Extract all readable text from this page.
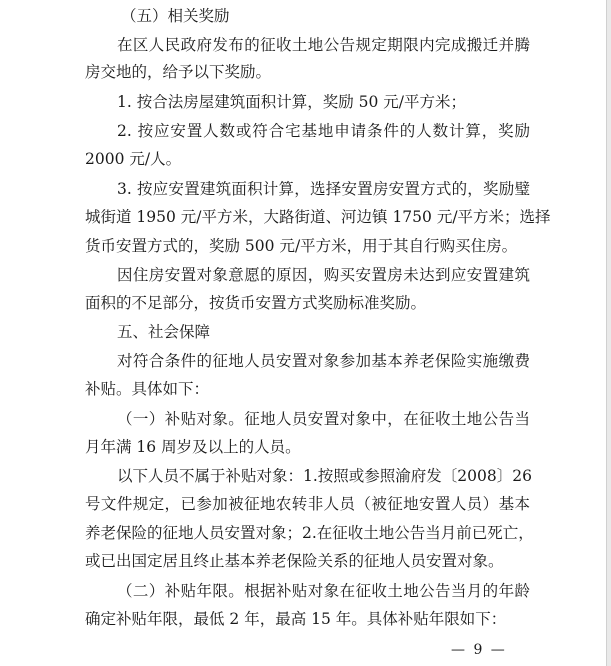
（五）相关奖励
在区人民政府发布的征收土地公告规定期限内完成搬迁并腾
房交地的，给予以下奖励。
1. 按合法房屋建筑面积计算，奖励 50 元/平方米；
2. 按应安置人数或符合宅基地申请条件的人数计算，奖励
2000 元/人。
3. 按应安置建筑面积计算，选择安置房安置方式的，奖励璧
城街道 1950 元/平方米，大路街道、河边镇 1750 元/平方米；选择
货币安置方式的，奖励 500 元/平方米，用于其自行购买住房。
因住房安置对象意愿的原因，购买安置房未达到应安置建筑
面积的不足部分，按货币安置方式奖励标准奖励。
五、社会保障
对符合条件的征地人员安置对象参加基本养老保险实施缴费
补贴。具体如下：
（一）补贴对象。征地人员安置对象中，在征收土地公告当
月年满 16 周岁及以上的人员。
以下人员不属于补贴对象：1.按照或参照渝府发〔2008〕26
号文件规定，已参加被征地农转非人员（被征地安置人员）基本
养老保险的征地人员安置对象；2.在征收土地公告当月前已死亡，
或已出国定居且终止基本养老保险关系的征地人员安置对象。
（二）补贴年限。根据补贴对象在征收土地公告当月的年龄
确定补贴年限，最低 2 年，最高 15 年。具体补贴年限如下：
— 9 —
